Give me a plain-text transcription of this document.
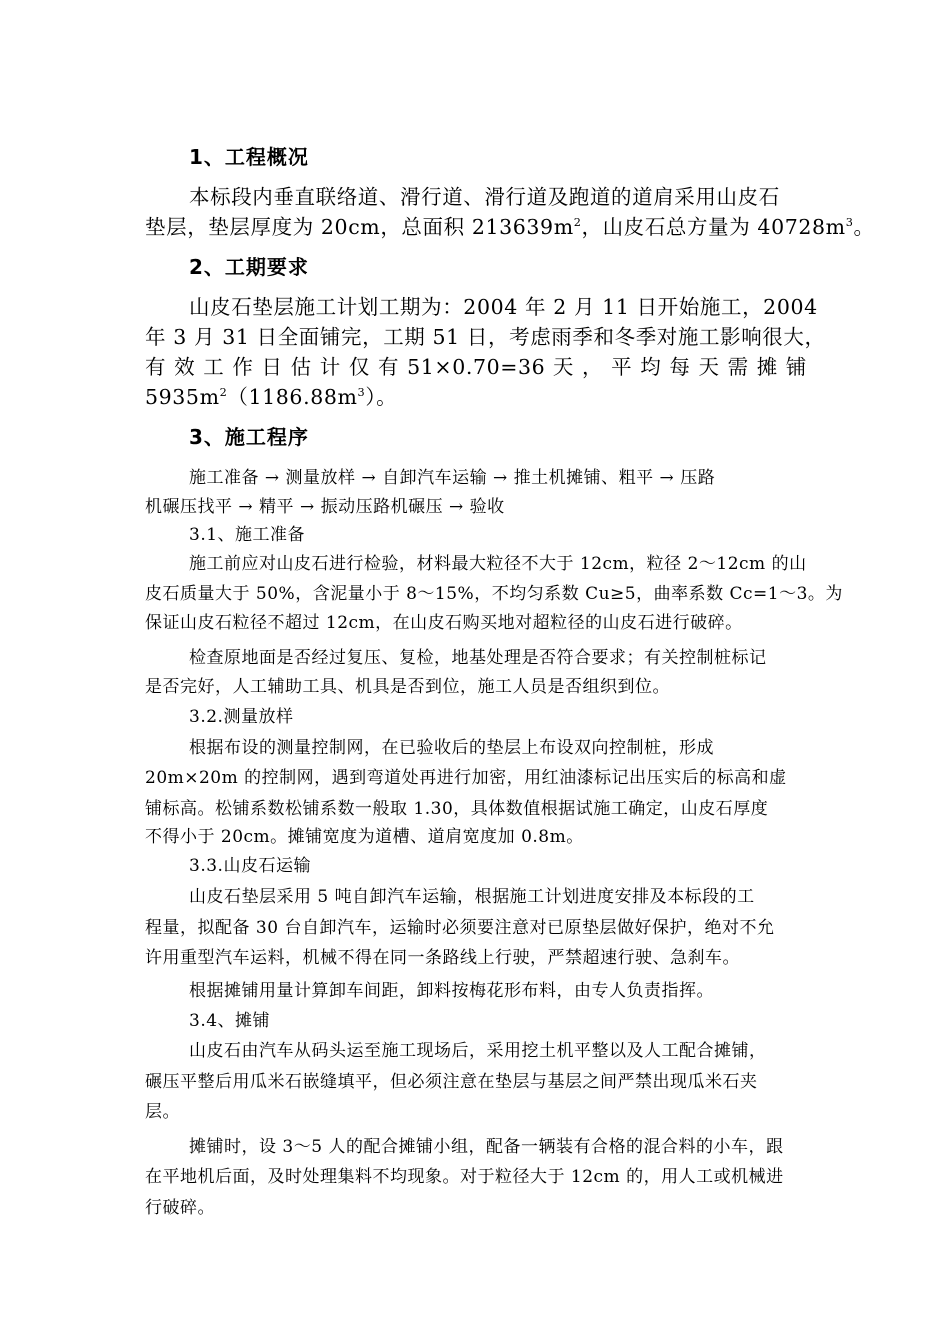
1、工程概况
本标段内垂直联络道、滑行道、滑行道及跑道的道肩采用山皮石
垫层，垫层厚度为 20cm，总面积 $213639m^2$，山皮石总方量为 $40728m^3$。
2、工期要求
山皮石垫层施工计划工期为：2004 年 2 月 11 日开始施工，2004
年 3 月 31 日全面铺完，工期 51 日，考虑雨季和冬季对施工影响很大，
有 效 工 作 日 估 计 仅 有 51×0.70=36 天 ， 平 均 每 天 需 摊 铺
$5935m^2(1186.88m^3)$。
3、施工程序
施工准备 → 测量放样 → 自卸汽车运输 → 推土机摊铺、粗平 → 压路
机碾压找平 → 精平 → 振动压路机碾压 → 验收
3.1、施工准备
施工前应对山皮石进行检验，材料最大粒径不大于 12cm，粒径 2～12cm 的山
皮石质量大于 50%，含泥量小于 8～15%，不均匀系数 Cu≥5，曲率系数 Cc=1～3。为
保证山皮石粒径不超过 12cm，在山皮石购买地对超粒径的山皮石进行破碎。
检查原地面是否经过复压、复检，地基处理是否符合要求；有关控制桩标记
是否完好，人工辅助工具、机具是否到位，施工人员是否组织到位。
3.2.测量放样
根据布设的测量控制网，在已验收后的垫层上布设双向控制桩，形成
20m×20m 的控制网，遇到弯道处再进行加密，用红油漆标记出压实后的标高和虚
铺标高。松铺系数松铺系数一般取 1.30，具体数值根据试施工确定，山皮石厚度
不得小于 20cm。摊铺宽度为道槽、道肩宽度加 0.8m。
3.3.山皮石运输
山皮石垫层采用 5 吨自卸汽车运输，根据施工计划进度安排及本标段的工
程量，拟配备 30 台自卸汽车，运输时必须要注意对已原垫层做好保护，绝对不允
许用重型汽车运料，机械不得在同一条路线上行驶，严禁超速行驶、急刹车。
根据摊铺用量计算卸车间距，卸料按梅花形布料，由专人负责指挥。
3.4、摊铺
山皮石由汽车从码头运至施工现场后，采用挖土机平整以及人工配合摊铺，
碾压平整后用瓜米石嵌缝填平，但必须注意在垫层与基层之间严禁出现瓜米石夹
层。
摊铺时，设 3～5 人的配合摊铺小组，配备一辆装有合格的混合料的小车，跟
在平地机后面，及时处理集料不均现象。对于粒径大于 12cm 的，用人工或机械进
行破碎。
